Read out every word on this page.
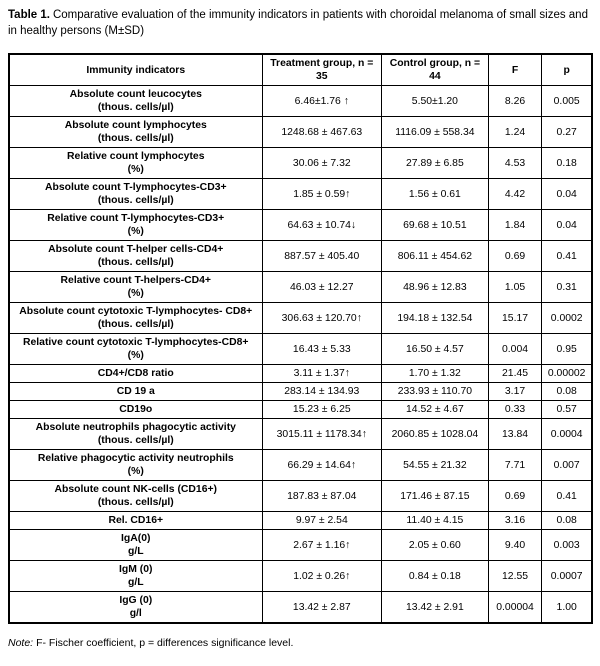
Table 1. Comparative evaluation of the immunity indicators in patients with choroidal melanoma of small sizes and in healthy persons (M±SD)

Immunity indicators	Treatment group, n = 35	Control group, n = 44	F	p

Absolute count leucocytes
(thous. cells/µl)	6.46±1.76 ↑	5.50±1.20	8.26	0.005

Absolute count lymphocytes
(thous. cells/µl)	1248.68 ± 467.63	1116.09 ± 558.34	1.24	0.27

Relative count lymphocytes
(%)	30.06 ± 7.32	27.89 ± 6.85	4.53	0.18

Absolute count T-lymphocytes-CD3+
(thous. cells/µl)	1.85 ± 0.59↑	1.56 ± 0.61	4.42	0.04

Relative count T-lymphocytes-CD3+
(%)	64.63 ± 10.74↓	69.68 ± 10.51	1.84	0.04

Absolute count T-helper cells-CD4+
(thous. cells/µl)	887.57 ± 405.40	806.11 ± 454.62	0.69	0.41

Relative count T-helpers-CD4+
(%)	46.03 ± 12.27	48.96 ± 12.83	1.05	0.31

Absolute count cytotoxic T-lymphocytes- CD8+
(thous. cells/µl)	306.63 ± 120.70↑	194.18 ± 132.54	15.17	0.0002

Relative count cytotoxic T-lymphocytes-CD8+
(%)	16.43 ± 5.33	16.50 ± 4.57	0.004	0.95

CD4+/CD8 ratio	3.11 ± 1.37↑	1.70 ± 1.32	21.45	0.00002

CD 19 a	283.14 ± 134.93	233.93 ± 110.70	3.17	0.08

CD19o	15.23 ± 6.25	14.52 ± 4.67	0.33	0.57

Absolute neutrophils phagocytic activity
(thous. cells/µl)	3015.11 ± 1178.34↑	2060.85 ± 1028.04	13.84	0.0004

Relative phagocytic activity neutrophils
(%)	66.29 ± 14.64↑	54.55 ± 21.32	7.71	0.007

Absolute count NK-cells (CD16+)
(thous. cells/µl)	187.83 ± 87.04	171.46 ± 87.15	0.69	0.41

Rel. CD16+	9.97 ± 2.54	11.40 ± 4.15	3.16	0.08

IgA(0)
g/L	2.67 ± 1.16↑	2.05 ± 0.60	9.40	0.003

IgM (0)
g/L	1.02 ± 0.26↑	0.84 ± 0.18	12.55	0.0007

IgG (0)
g/l	13.42 ± 2.87	13.42 ± 2.91	0.00004	1.00

Note: F- Fischer coefficient, p = differences significance level.
